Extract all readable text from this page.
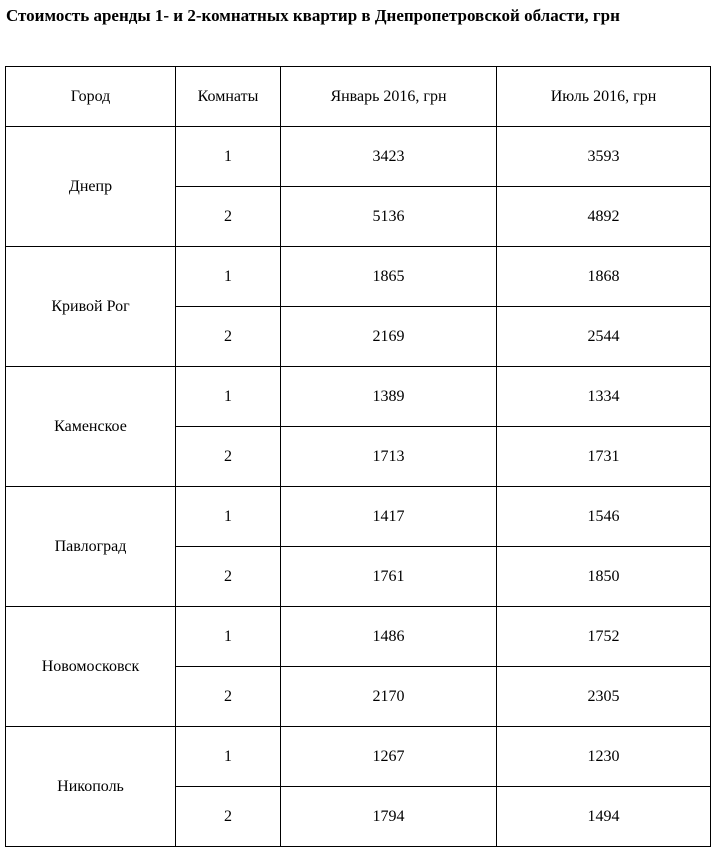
Стоимость аренды 1- и 2-комнатных квартир в Днепропетровской области, грн
Город	Комнаты	Январь 2016, грн	Июль 2016, грн
Днепр	1	3423	3593
	2	5136	4892
Кривой Рог	1	1865	1868
	2	2169	2544
Каменское	1	1389	1334
	2	1713	1731
Павлоград	1	1417	1546
	2	1761	1850
Новомосковск	1	1486	1752
	2	2170	2305
Никополь	1	1267	1230
	2	1794	1494
